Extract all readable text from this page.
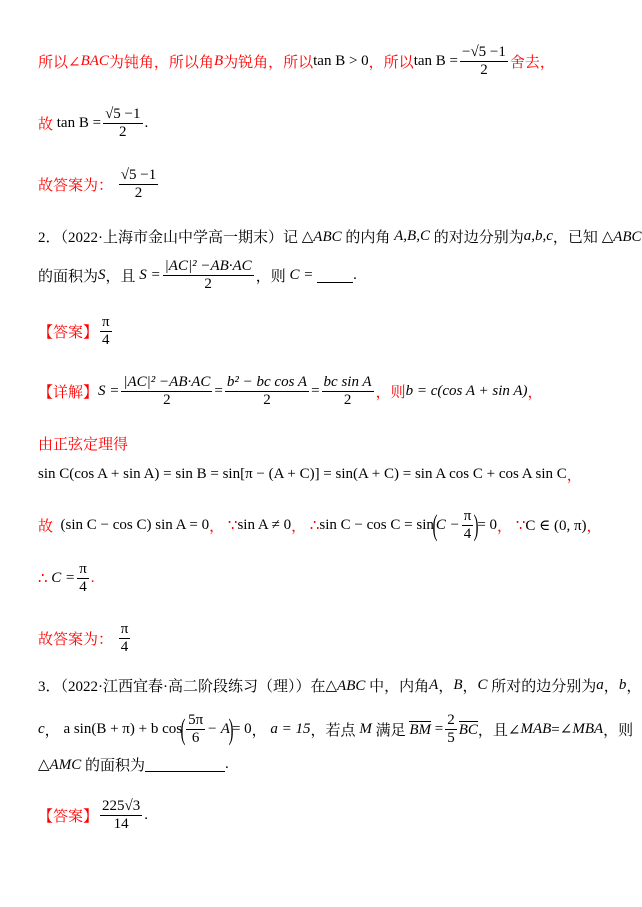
所以∠ BAC 为钝角，所以角 B 为锐角，所以 tan B > 0 ，所以 $\tan B = \frac{-√5 -1}{2}$ 舍去，
故
$\tan B = \frac{√5 -1}{2}$ .
故答案为：
$\frac{√5 -1}{2}$
2．（2022·上海市金山中学高一期末）记
△ABC
的内角
A,B,C
的对边分别为 a,b,c ，已知
△ABC
的面积为 S ，且
$S = \frac{\text{|AC|² −AB·AC}}{2}$ ，则
C =
	.
【答案】 $\frac{\pi}{4}$
【详解】 $S = \frac{\text{|AC|² −AB·AC}}{2} = \frac{\text{b² − bc cos A}}{2} = \frac{\text{bc sin A}}{2}$ ，则 b = c(cos A + sin A) ，
由正弦定理得
sin C(cos A + sin A) = sin B = sin[π − (A + C)] = sin(A + C) = sin A cos C + cos A sin C ，
故
(sin C − cos C) sin A = 0 ，
∵ sin A ≠ 0 ，
∴ sin C − cos C = sin
(
$C - \frac{\pi}{4}$ )
= 0 ，
∵ C ∈ (0, π) ，
∴
$C = \frac{\pi}{4}$ .
故答案为：
$\frac{\pi}{4}$
3．（2022·江西宜春·高二阶段练习（理））在 △ABC
中，内角 A ， B ， C
所对的边分别为 a ， b ，
c ，
a sin(B + π) + b cos
( $\frac{5\pi}{6} - A$
)
= 0 ，
a = 15 ，若点
M
满足
BM
= $\frac{2}{5}$ BC ，且∠ MAB =∠ MBA ，则
△AMC
的面积为	.
【答案】 $\frac{225√3}{14}$ .
